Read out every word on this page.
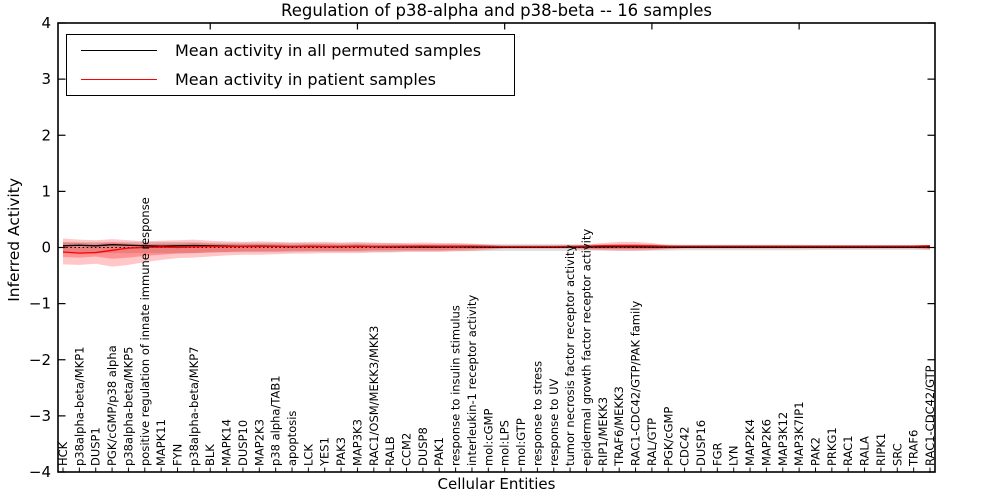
HCK p38alpha-beta/MKP1 DUSP1 PGK/cGMP/p38 alpha p38alpha-beta/MKP5 positive regulation of innate immune response MAPK11 FYN p38alpha-beta/MKP7 BLK MAPK14 DUSP10 MAP2K3 p38 alpha/TAB1 apoptosis LCK YES1 PAK3 MAP3K3 RAC1/OSM/MEKK3/MKK3 RALB CCM2 DUSP8 PAK1 response to insulin stimulus interleukin-1 receptor activity mol:cGMP mol:LPS mol:GTP response to stress response to UV tumor necrosis factor receptor activity epidermal growth factor receptor activity RIP1/MEKK3 TRAF6/MEKK3 RAC1-CDC42/GTP/PAK family RAL/GTP PGK/cGMP CDC42 DUSP16 FGR LYN MAP2K4 MAP2K6 MAP3K12 MAP3K7IP1 PAK2 PRKG1 RAC1 RALA RIPK1 SRC TRAF6 RAC1-CDC42/GTP
4
3
2
1
0
−1
−2
−3
−4
Regulation of p38-alpha and p38-beta -- 16 samples
Inferred Activity
Cellular Entities
Mean activity in all permuted samples
Mean activity in patient samples
